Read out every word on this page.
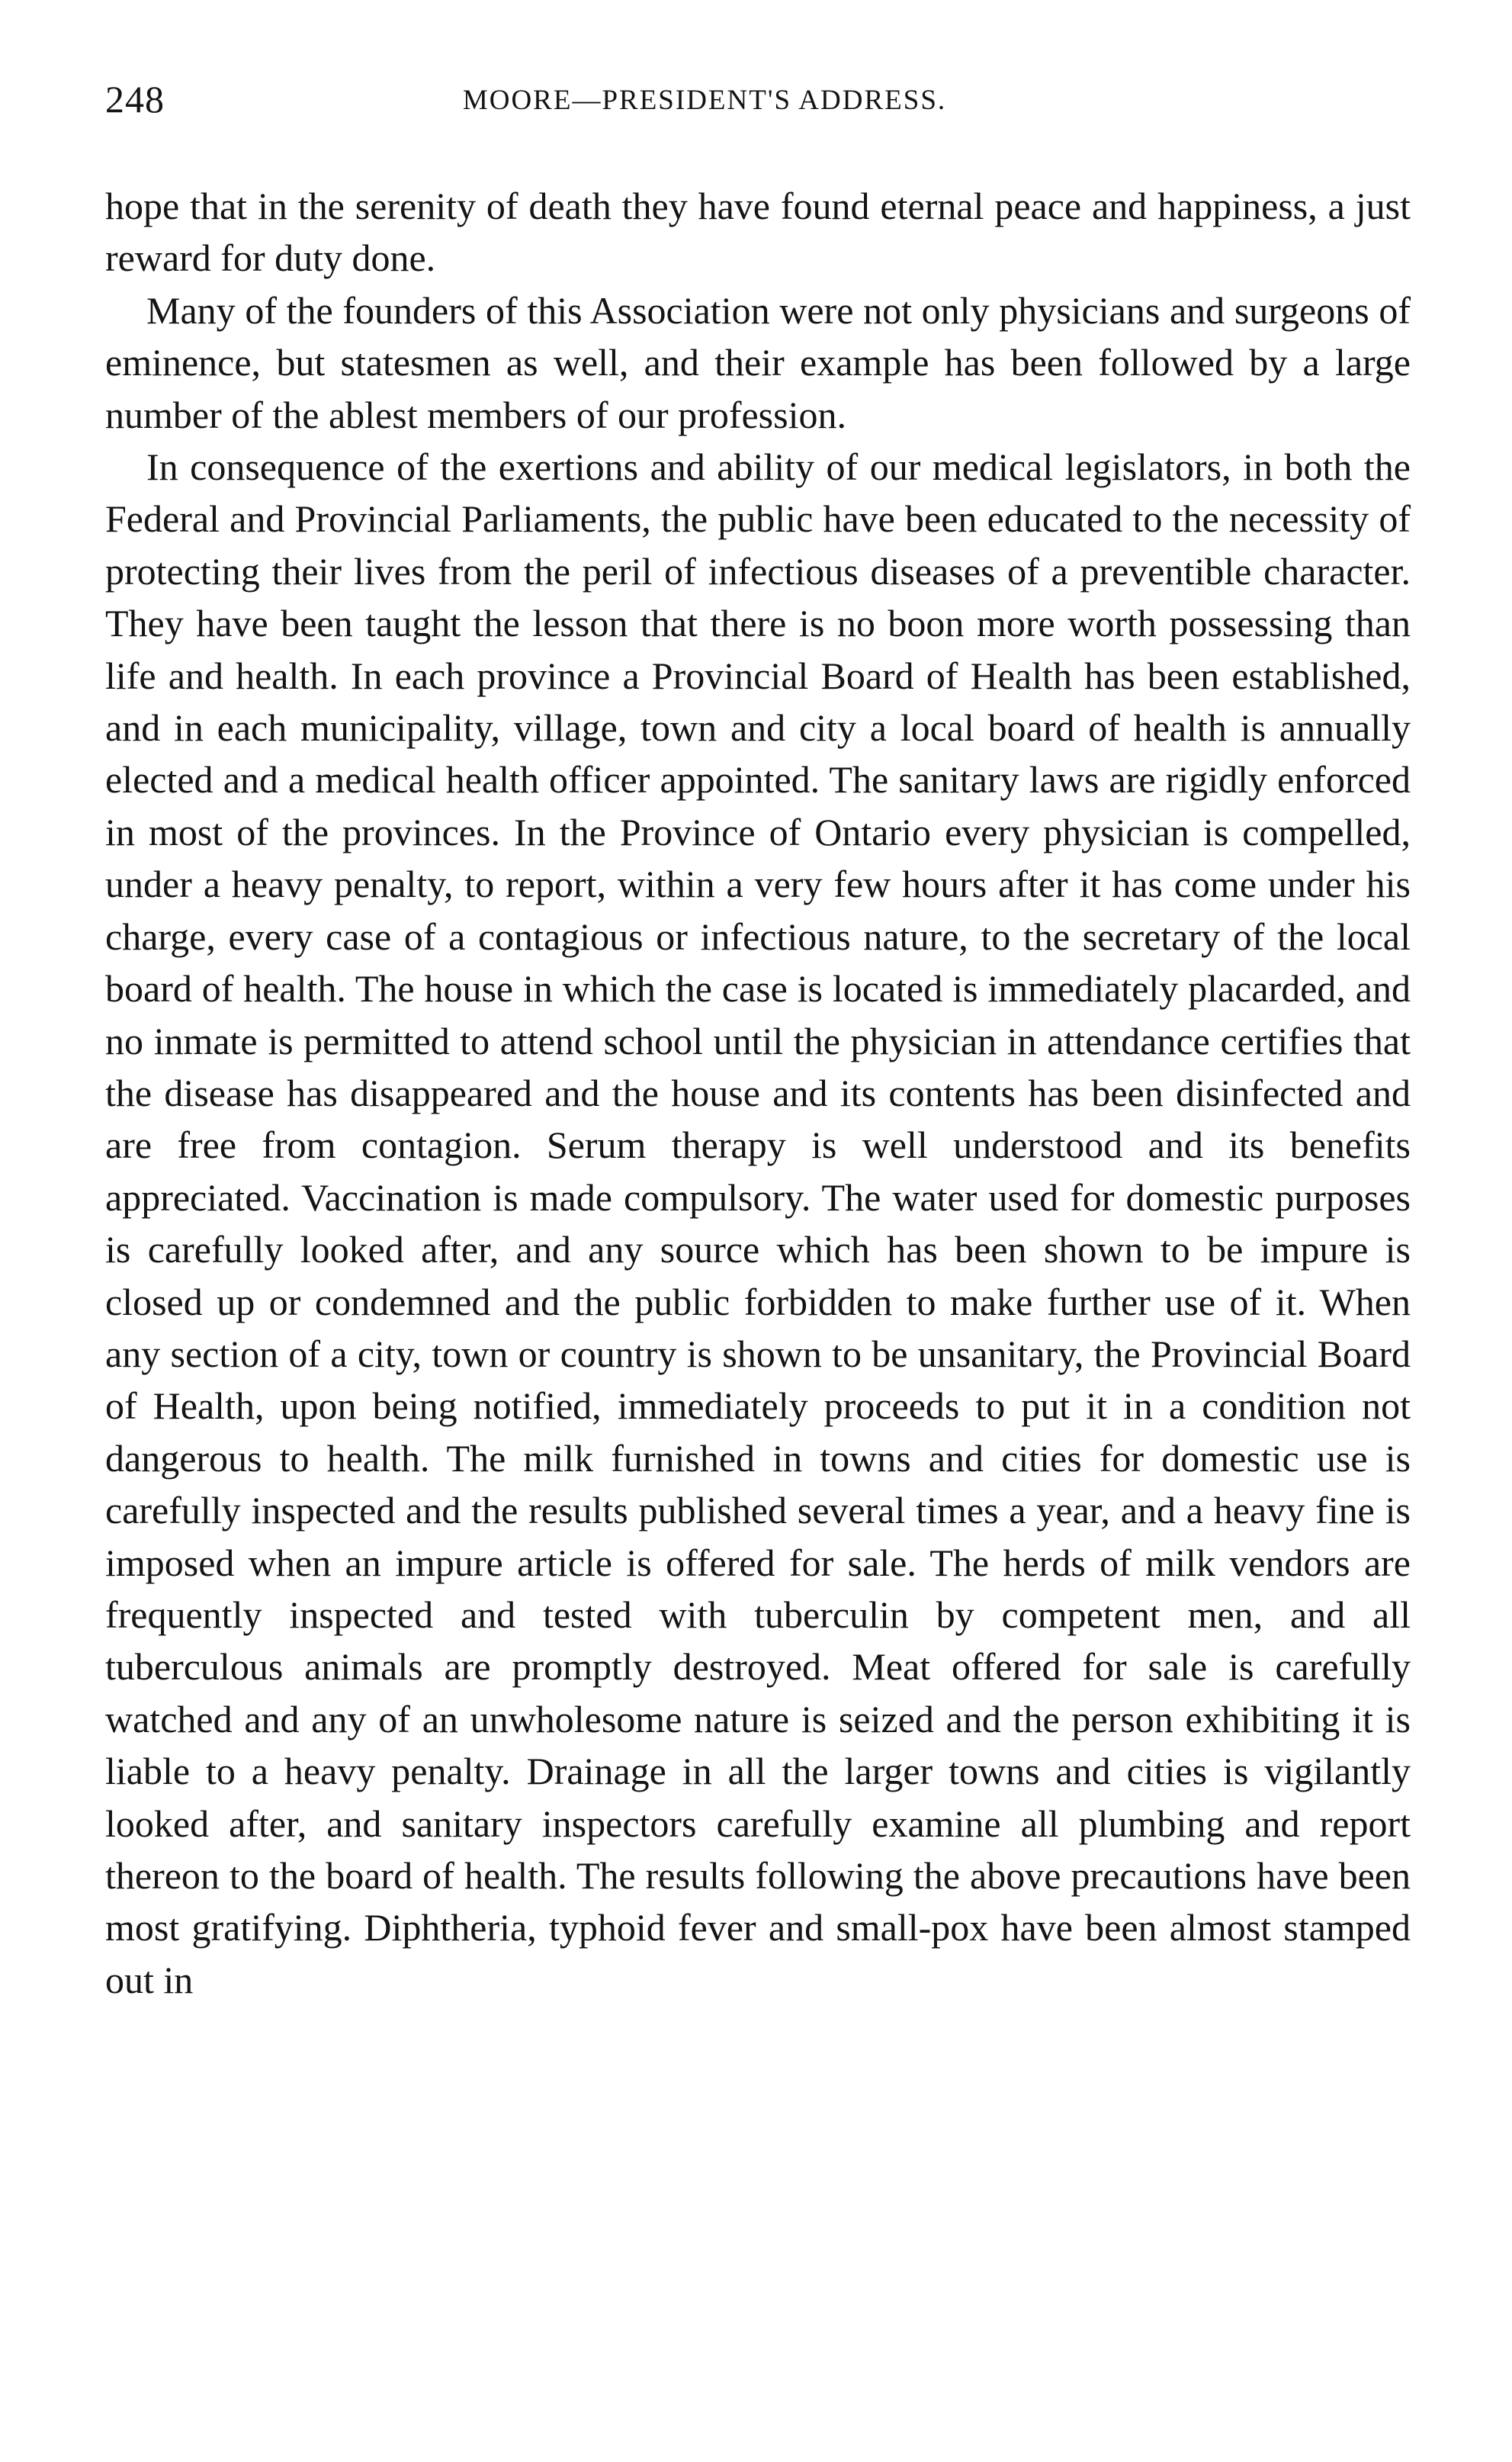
248	MOORE—PRESIDENT'S ADDRESS.

hope that in the serenity of death they have found eternal peace and happiness, a just reward for duty done.

Many of the founders of this Association were not only physicians and surgeons of eminence, but statesmen as well, and their example has been followed by a large number of the ablest members of our profession.

In consequence of the exertions and ability of our medical legislators, in both the Federal and Provincial Parliaments, the public have been educated to the necessity of protecting their lives from the peril of infectious diseases of a preventible character. They have been taught the lesson that there is no boon more worth possessing than life and health. In each province a Provincial Board of Health has been established, and in each municipality, village, town and city a local board of health is annually elected and a medical health officer appointed. The sanitary laws are rigidly enforced in most of the provinces. In the Province of Ontario every physician is compelled, under a heavy penalty, to report, within a very few hours after it has come under his charge, every case of a contagious or infectious nature, to the secretary of the local board of health. The house in which the case is located is immediately placarded, and no inmate is permitted to attend school until the physician in attendance certifies that the disease has disappeared and the house and its contents has been disinfected and are free from contagion. Serum therapy is well understood and its benefits appreciated. Vaccination is made compulsory. The water used for domestic purposes is carefully looked after, and any source which has been shown to be impure is closed up or condemned and the public forbidden to make further use of it. When any section of a city, town or country is shown to be unsanitary, the Provincial Board of Health, upon being notified, immediately proceeds to put it in a condition not dangerous to health. The milk furnished in towns and cities for domestic use is carefully inspected and the results published several times a year, and a heavy fine is imposed when an impure article is offered for sale. The herds of milk vendors are frequently inspected and tested with tuberculin by competent men, and all tuberculous animals are promptly destroyed. Meat offered for sale is carefully watched and any of an unwholesome nature is seized and the person exhibiting it is liable to a heavy penalty. Drainage in all the larger towns and cities is vigilantly looked after, and sanitary inspectors carefully examine all plumbing and report thereon to the board of health. The results following the above precautions have been most gratifying. Diphtheria, typhoid fever and small-pox have been almost stamped out in
